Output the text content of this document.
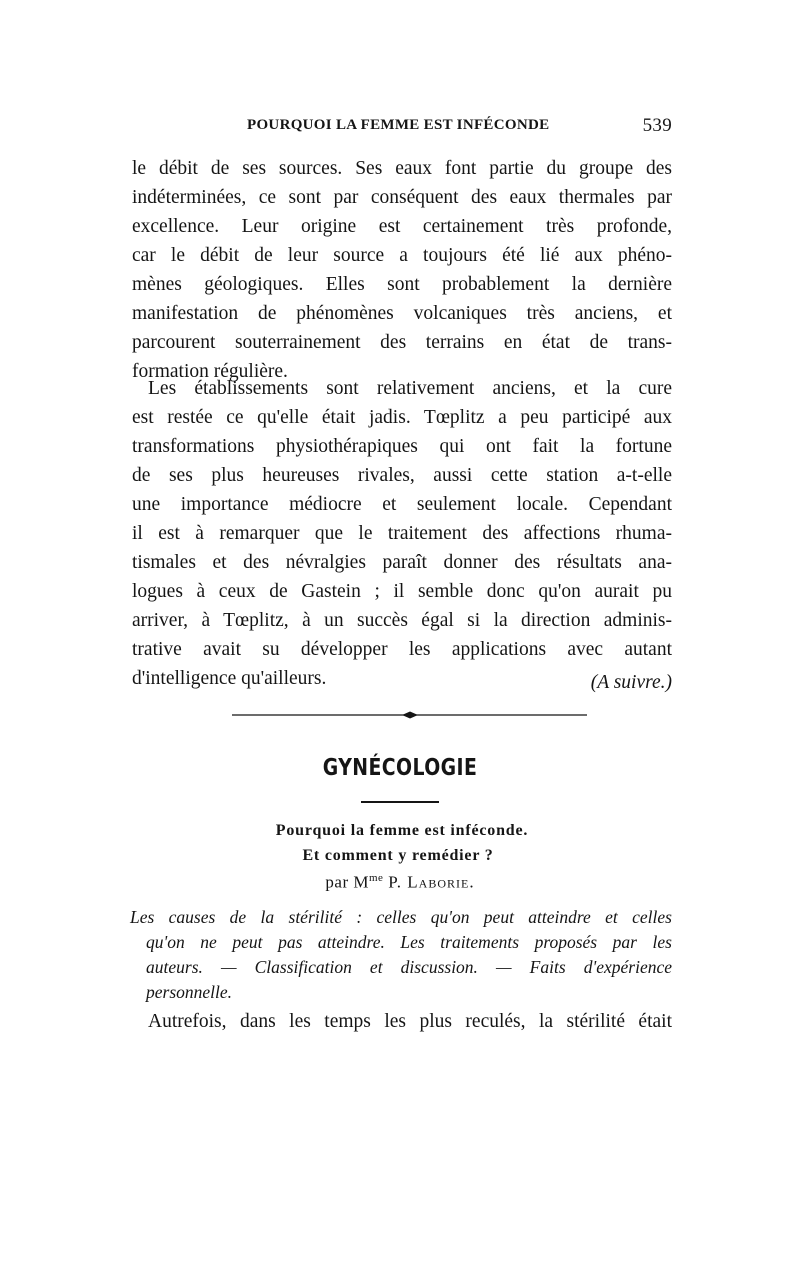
POURQUOI LA FEMME EST INFÉCONDE	539
le débit de ses sources. Ses eaux font partie du groupe des
indéterminées, ce sont par conséquent des eaux thermales par
excellence. Leur origine est certainement très profonde,
car le débit de leur source a toujours été lié aux phéno-
mènes géologiques. Elles sont probablement la dernière
manifestation de phénomènes volcaniques très anciens, et
parcourent souterrainement des terrains en état de trans-
formation régulière.
Les établissements sont relativement anciens, et la cure
est restée ce qu'elle était jadis. Tœplitz a peu participé aux
transformations physiothérapiques qui ont fait la fortune
de ses plus heureuses rivales, aussi cette station a-t-elle
une importance médiocre et seulement locale. Cependant
il est à remarquer que le traitement des affections rhuma-
tismales et des névralgies paraît donner des résultats ana-
logues à ceux de Gastein ; il semble donc qu'on aurait pu
arriver, à Tœplitz, à un succès égal si la direction adminis-
trative avait su développer les applications avec autant
d'intelligence qu'ailleurs.	(A suivre.)
GYNÉCOLOGIE
Pourquoi la femme est inféconde.
Et comment y remédier ?
par $M^{me}$ P. Laborie.
Les causes de la stérilité : celles qu'on peut atteindre et celles
qu'on ne peut pas atteindre. Les traitements proposés par les
auteurs. — Classification et discussion. — Faits d'expérience
personnelle.
Autrefois, dans les temps les plus reculés, la stérilité était
